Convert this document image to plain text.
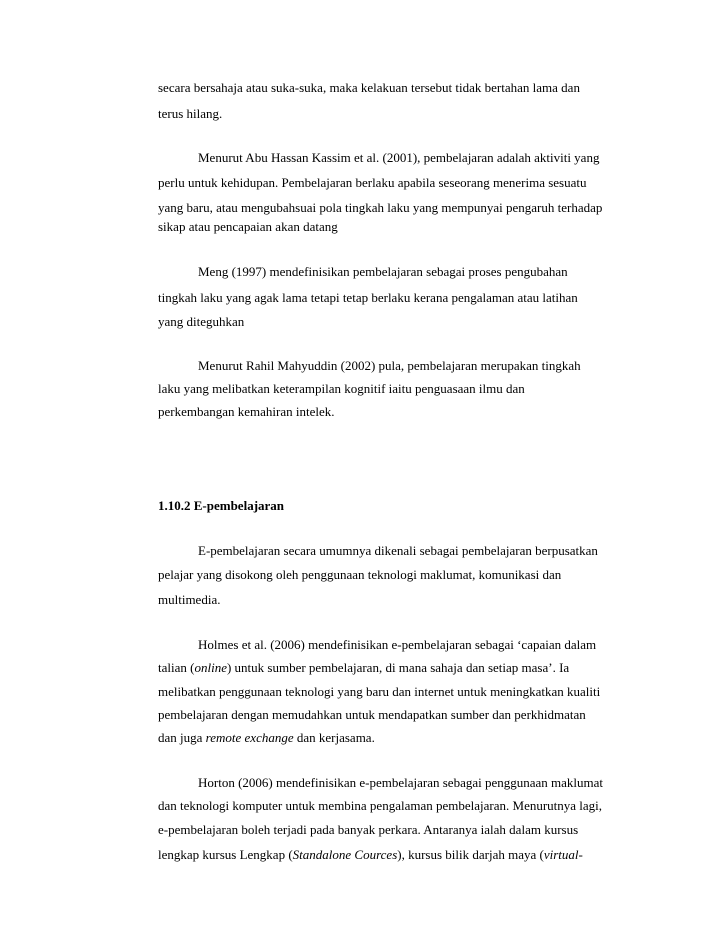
secara bersahaja atau suka-suka, maka kelakuan tersebut tidak bertahan lama dan
terus hilang.
Menurut Abu Hassan Kassim et al. (2001), pembelajaran adalah aktiviti yang
perlu untuk kehidupan. Pembelajaran berlaku apabila seseorang menerima sesuatu
yang baru, atau mengubahsuai pola tingkah laku yang mempunyai pengaruh terhadap
sikap atau pencapaian akan datang
Meng (1997) mendefinisikan pembelajaran sebagai proses pengubahan
tingkah laku yang agak lama tetapi tetap berlaku kerana pengalaman atau latihan
yang diteguhkan
Menurut Rahil Mahyuddin (2002) pula, pembelajaran merupakan tingkah
laku yang melibatkan keterampilan kognitif iaitu penguasaan ilmu dan
perkembangan kemahiran intelek.
1.10.2 E-pembelajaran
E-pembelajaran secara umumnya dikenali sebagai pembelajaran berpusatkan
pelajar yang disokong oleh penggunaan teknologi maklumat, komunikasi dan
multimedia.
Holmes et al. (2006) mendefinisikan e-pembelajaran sebagai ‘capaian dalam
talian (online) untuk sumber pembelajaran, di mana sahaja dan setiap masa’. Ia
melibatkan penggunaan teknologi yang baru dan internet untuk meningkatkan kualiti
pembelajaran dengan memudahkan untuk mendapatkan sumber dan perkhidmatan
dan juga remote exchange dan kerjasama.
Horton (2006) mendefinisikan e-pembelajaran sebagai penggunaan maklumat
dan teknologi komputer untuk membina pengalaman pembelajaran. Menurutnya lagi,
e-pembelajaran boleh terjadi pada banyak perkara. Antaranya ialah dalam kursus
lengkap kursus Lengkap (Standalone Cources), kursus bilik darjah maya (virtual-
